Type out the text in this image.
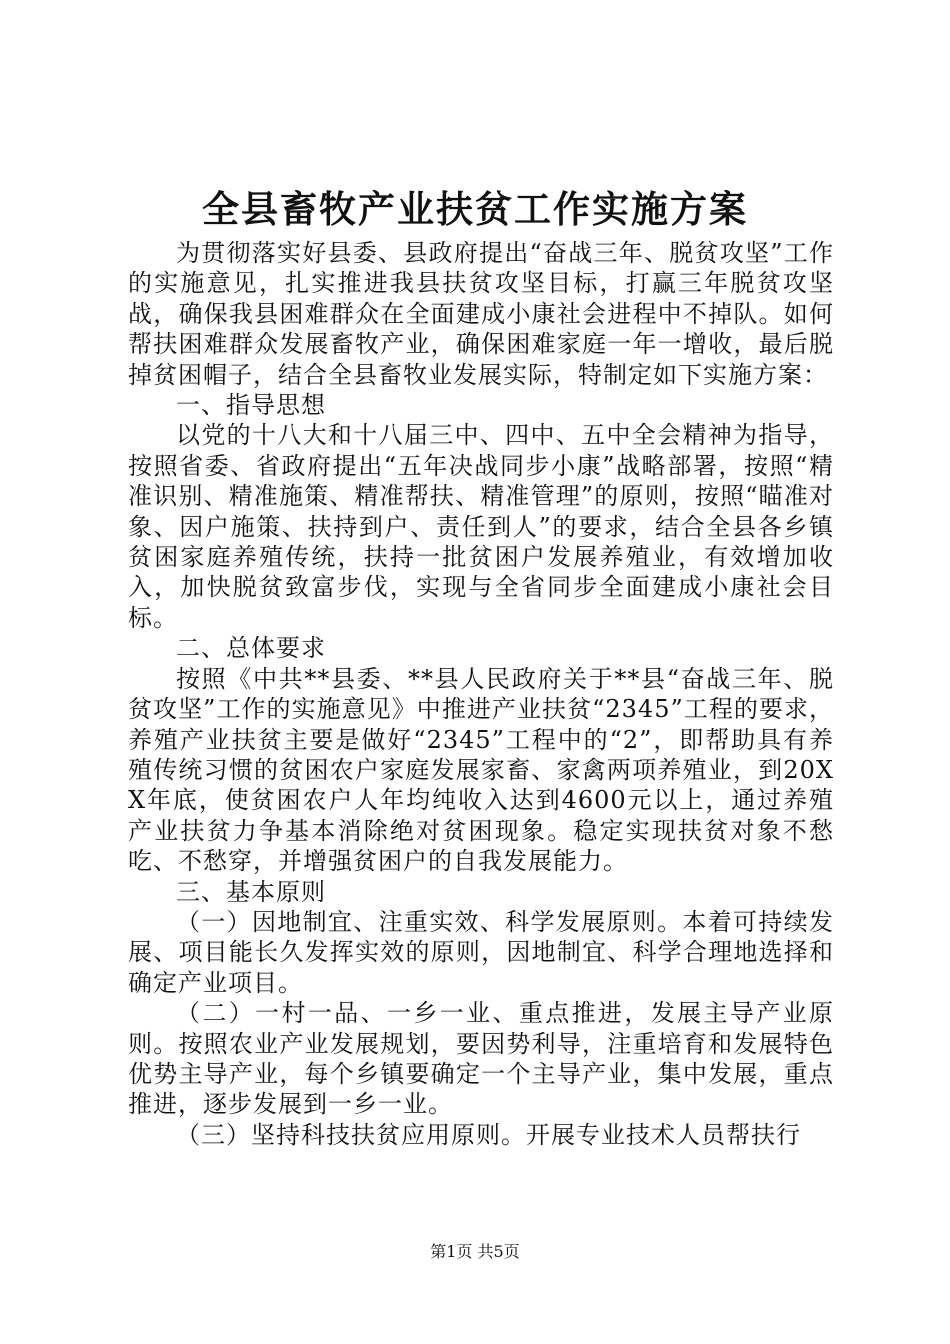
全县畜牧产业扶贫工作实施方案

为贯彻落实好县委、县政府提出“奋战三年、脱贫攻坚”工作的实施意见，扎实推进我县扶贫攻坚目标，打赢三年脱贫攻坚战，确保我县困难群众在全面建成小康社会进程中不掉队。如何帮扶困难群众发展畜牧产业，确保困难家庭一年一增收，最后脱掉贫困帽子，结合全县畜牧业发展实际，特制定如下实施方案：

一、指导思想

以党的十八大和十八届三中、四中、五中全会精神为指导，按照省委、省政府提出“五年决战同步小康”战略部署，按照“精准识别、精准施策、精准帮扶、精准管理”的原则，按照“瞄准对象、因户施策、扶持到户、责任到人”的要求，结合全县各乡镇贫困家庭养殖传统，扶持一批贫困户发展养殖业，有效增加收入，加快脱贫致富步伐，实现与全省同步全面建成小康社会目标。

二、总体要求

按照《中共**县委、**县人民政府关于**县“奋战三年、脱贫攻坚”工作的实施意见》中推进产业扶贫“2345”工程的要求，养殖产业扶贫主要是做好“2345”工程中的“2”，即帮助具有养殖传统习惯的贫困农户家庭发展家畜、家禽两项养殖业，到20XX年底，使贫困农户人年均纯收入达到4600元以上，通过养殖产业扶贫力争基本消除绝对贫困现象。稳定实现扶贫对象不愁吃、不愁穿，并增强贫困户的自我发展能力。

三、基本原则

（一）因地制宜、注重实效、科学发展原则。本着可持续发展、项目能长久发挥实效的原则，因地制宜、科学合理地选择和确定产业项目。

（二）一村一品、一乡一业、重点推进，发展主导产业原则。按照农业产业发展规划，要因势利导，注重培育和发展特色优势主导产业，每个乡镇要确定一个主导产业，集中发展，重点推进，逐步发展到一乡一业。

（三）坚持科技扶贫应用原则。开展专业技术人员帮扶行

第1页 共5页
